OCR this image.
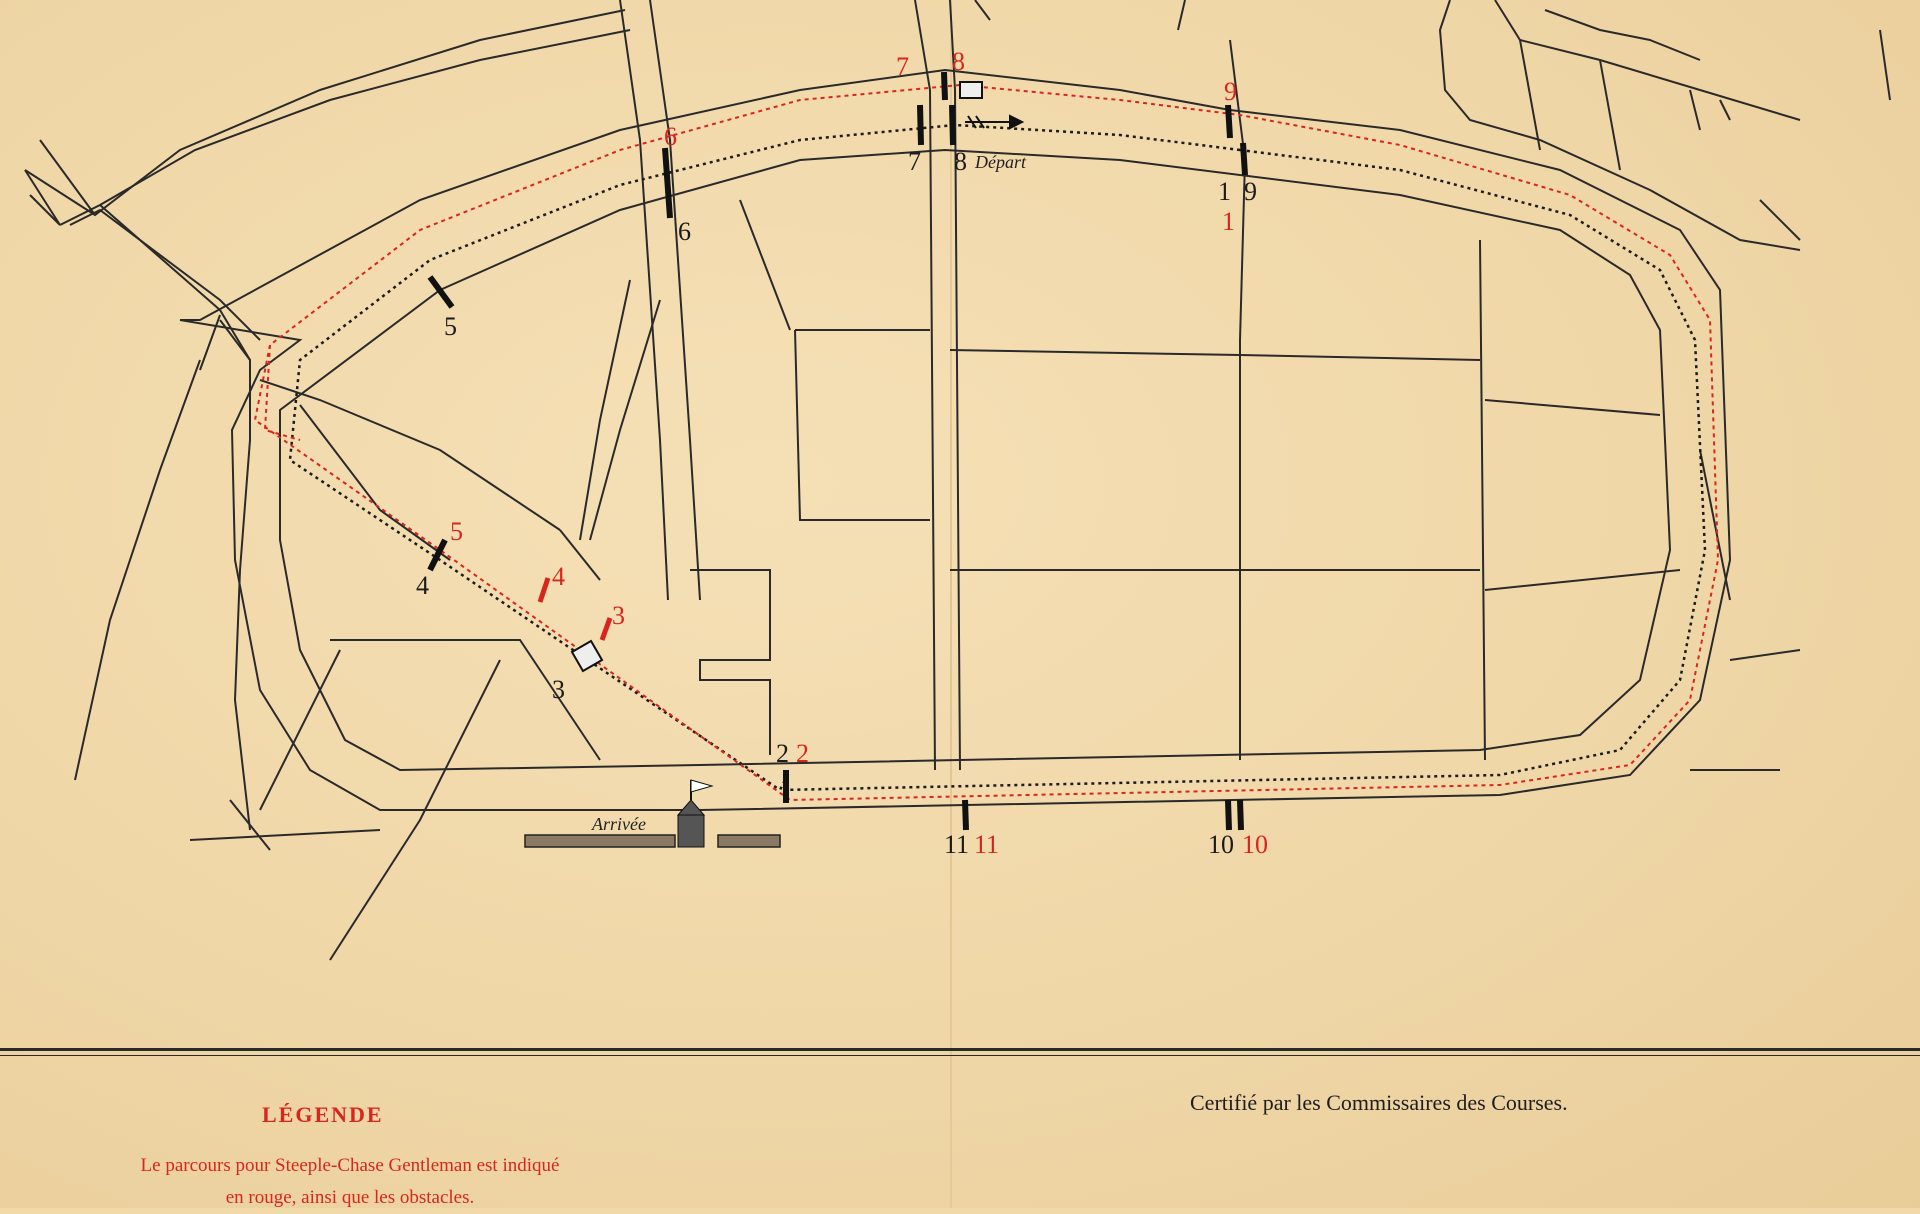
1
2
3
4
5
6
7 8
9
10
11
1
2
3
4
5
6
7 8
9
10
11
Départ
Arrivée
LÉGENDE
Le parcours pour Steeple-Chase Gentleman est indiqué
en rouge, ainsi que les obstacles.
Certifié par les Commissaires des Courses.
